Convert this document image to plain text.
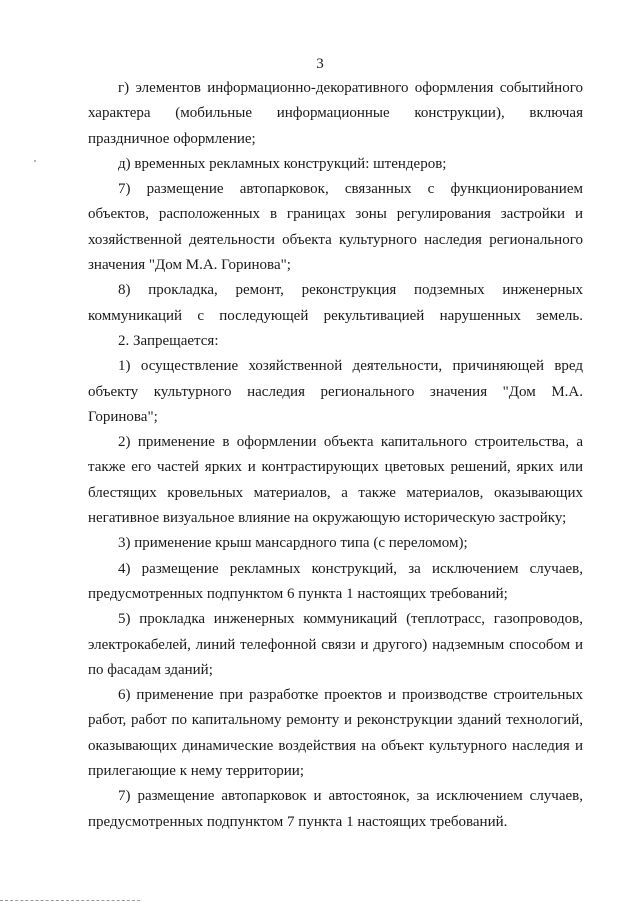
3

г) элементов информационно-декоративного оформления событийного характера (мобильные информационные конструкции), включая праздничное оформление;

д) временных рекламных конструкций: штендеров;

7) размещение автопарковок, связанных с функционированием объектов, расположенных в границах зоны регулирования застройки и хозяйственной деятельности объекта культурного наследия регионального значения "Дом М.А. Горинова";

8) прокладка, ремонт, реконструкция подземных инженерных коммуникаций с последующей рекультивацией нарушенных земель.

2. Запрещается:

1) осуществление хозяйственной деятельности, причиняющей вред объекту культурного наследия регионального значения "Дом М.А. Горинова";

2) применение в оформлении объекта капитального строительства, а также его частей ярких и контрастирующих цветовых решений, ярких или блестящих кровельных материалов, а также материалов, оказывающих негативное визуальное влияние на окружающую историческую застройку;

3) применение крыш мансардного типа (с переломом);

4) размещение рекламных конструкций, за исключением случаев, предусмотренных подпунктом 6 пункта 1 настоящих требований;

5) прокладка инженерных коммуникаций (теплотрасс, газопроводов, электрокабелей, линий телефонной связи и другого) надземным способом и по фасадам зданий;

6) применение при разработке проектов и производстве строительных работ, работ по капитальному ремонту и реконструкции зданий технологий, оказывающих динамические воздействия на объект культурного наследия и прилегающие к нему территории;

7) размещение автопарковок и автостоянок, за исключением случаев, предусмотренных подпунктом 7 пункта 1 настоящих требований.
